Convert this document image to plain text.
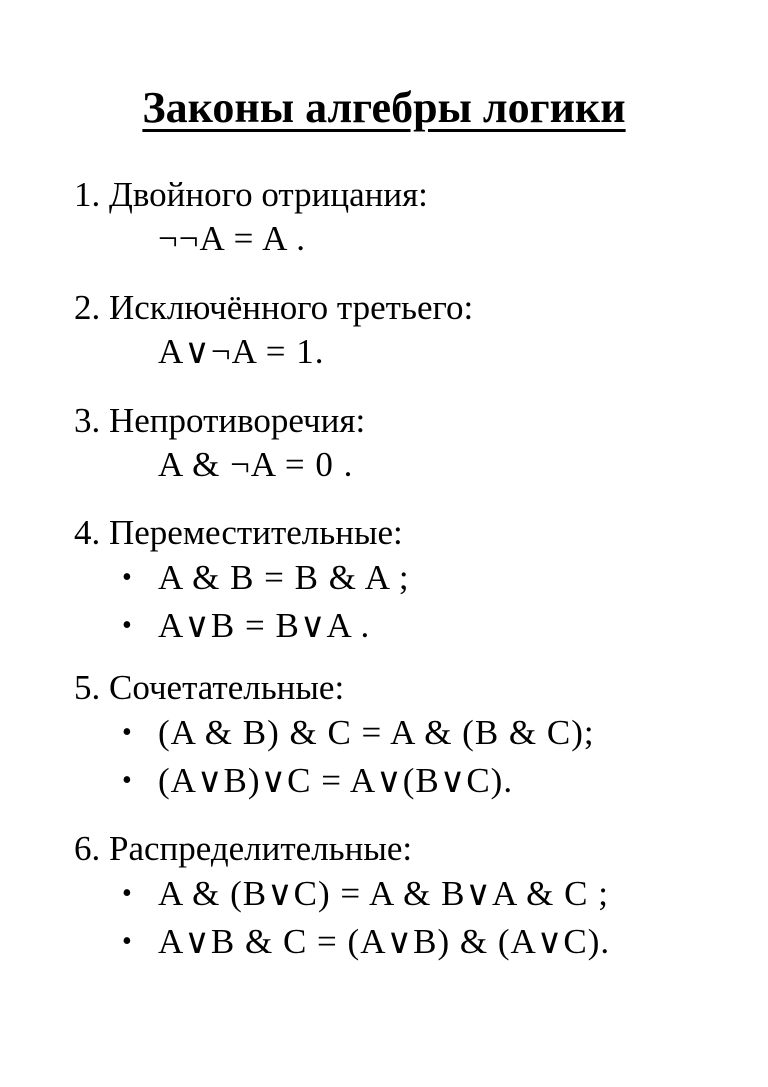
Законы алгебры логики
1. Двойного отрицания:
¬¬A = A .
2. Исключённого третьего:
A∨¬A = 1.
3. Непротиворечия:
A & ¬A = 0 .
4. Переместительные:
• A & B = B & A ;
• A∨B = B∨A .
5. Сочетательные:
• (A & B) & C = A & (B & C);
• (A∨B)∨C = A∨(B∨C).
6. Распределительные:
• A & (B∨C) = A & B∨A & C ;
• A∨B & C = (A∨B) & (A∨C).
